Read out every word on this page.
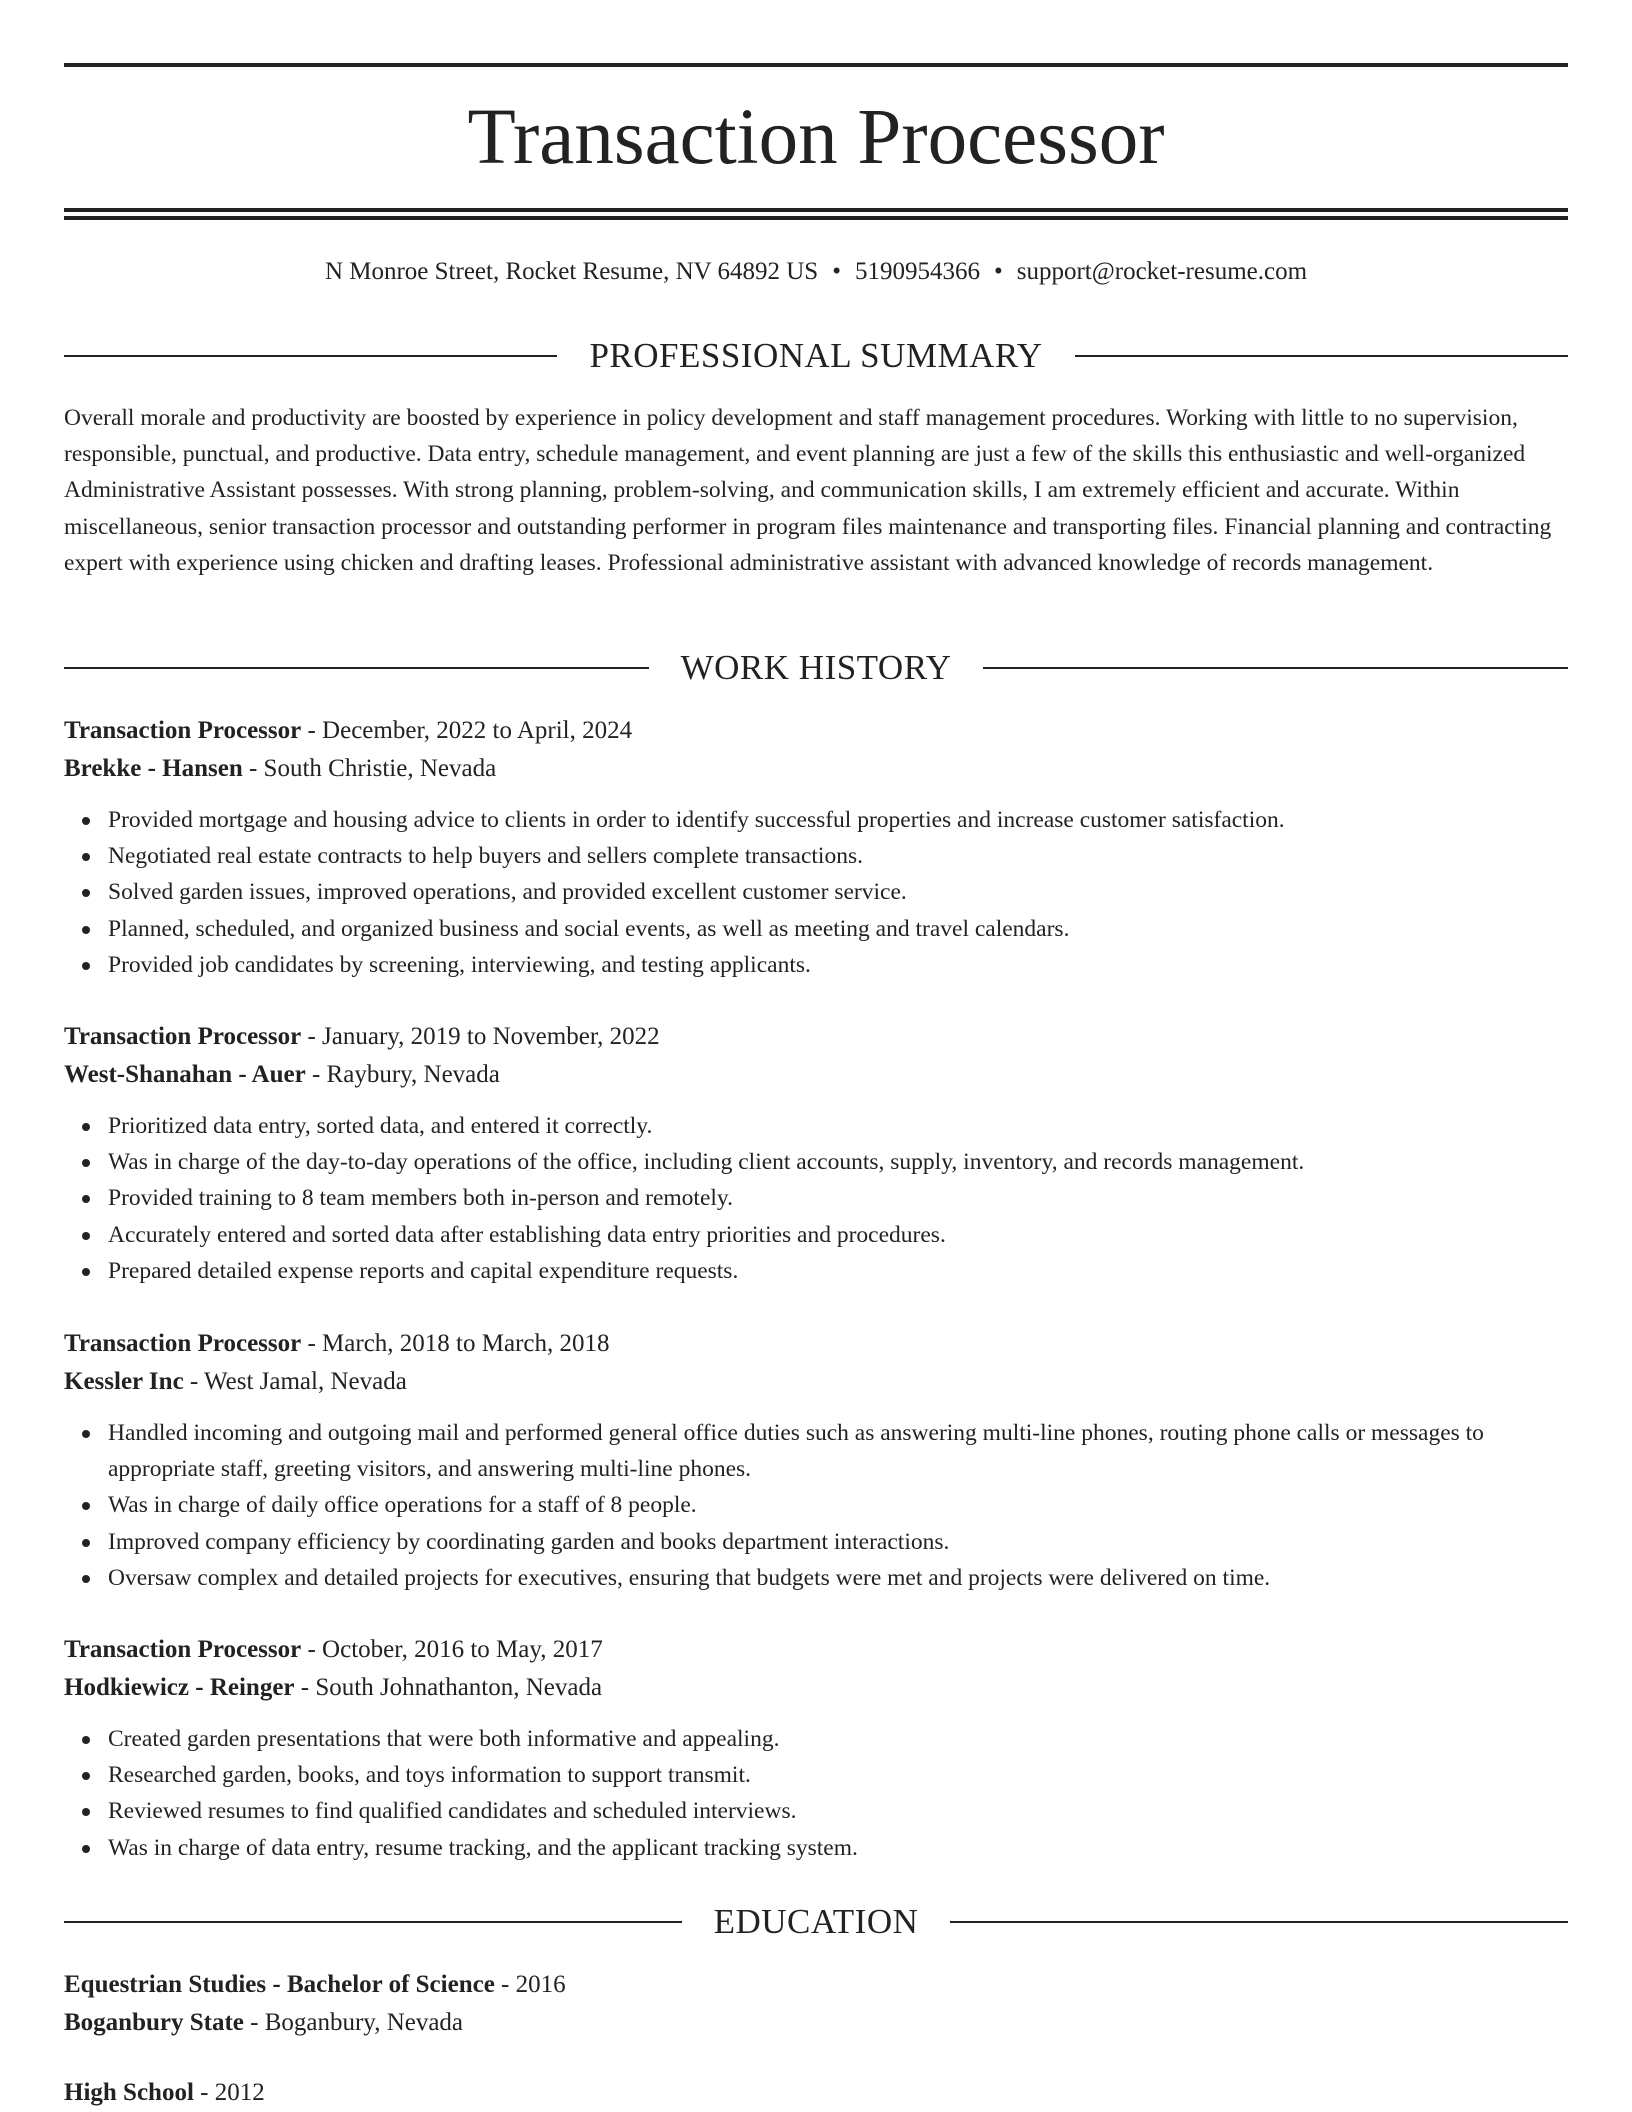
Transaction Processor
N Monroe Street, Rocket Resume, NV 64892 US • 5190954366 • support@rocket-resume.com
PROFESSIONAL SUMMARY

Overall morale and productivity are boosted by experience in policy development and staff management procedures. Working with little to no supervision, responsible, punctual, and productive. Data entry, schedule management, and event planning are just a few of the skills this enthusiastic and well-organized Administrative Assistant possesses. With strong planning, problem-solving, and communication skills, I am extremely efficient and accurate. Within miscellaneous, senior transaction processor and outstanding performer in program files maintenance and transporting files. Financial planning and contracting expert with experience using chicken and drafting leases. Professional administrative assistant with advanced knowledge of records management.

WORK HISTORY
Transaction Processor - December, 2022 to April, 2024
Brekke - Hansen - South Christie, Nevada
Provided mortgage and housing advice to clients in order to identify successful properties and increase customer satisfaction.
Negotiated real estate contracts to help buyers and sellers complete transactions.
Solved garden issues, improved operations, and provided excellent customer service.
Planned, scheduled, and organized business and social events, as well as meeting and travel calendars.
Provided job candidates by screening, interviewing, and testing applicants.
Transaction Processor - January, 2019 to November, 2022
West-Shanahan - Auer - Raybury, Nevada
Prioritized data entry, sorted data, and entered it correctly.
Was in charge of the day-to-day operations of the office, including client accounts, supply, inventory, and records management.
Provided training to 8 team members both in-person and remotely.
Accurately entered and sorted data after establishing data entry priorities and procedures.
Prepared detailed expense reports and capital expenditure requests.
Transaction Processor - March, 2018 to March, 2018
Kessler Inc - West Jamal, Nevada
Handled incoming and outgoing mail and performed general office duties such as answering multi-line phones, routing phone calls or messages to appropriate staff, greeting visitors, and answering multi-line phones.
Was in charge of daily office operations for a staff of 8 people.
Improved company efficiency by coordinating garden and books department interactions.
Oversaw complex and detailed projects for executives, ensuring that budgets were met and projects were delivered on time.
Transaction Processor - October, 2016 to May, 2017
Hodkiewicz - Reinger - South Johnathanton, Nevada
Created garden presentations that were both informative and appealing.
Researched garden, books, and toys information to support transmit.
Reviewed resumes to find qualified candidates and scheduled interviews.
Was in charge of data entry, resume tracking, and the applicant tracking system.
EDUCATION
Equestrian Studies - Bachelor of Science - 2016
Boganbury State - Boganbury, Nevada
High School - 2012
